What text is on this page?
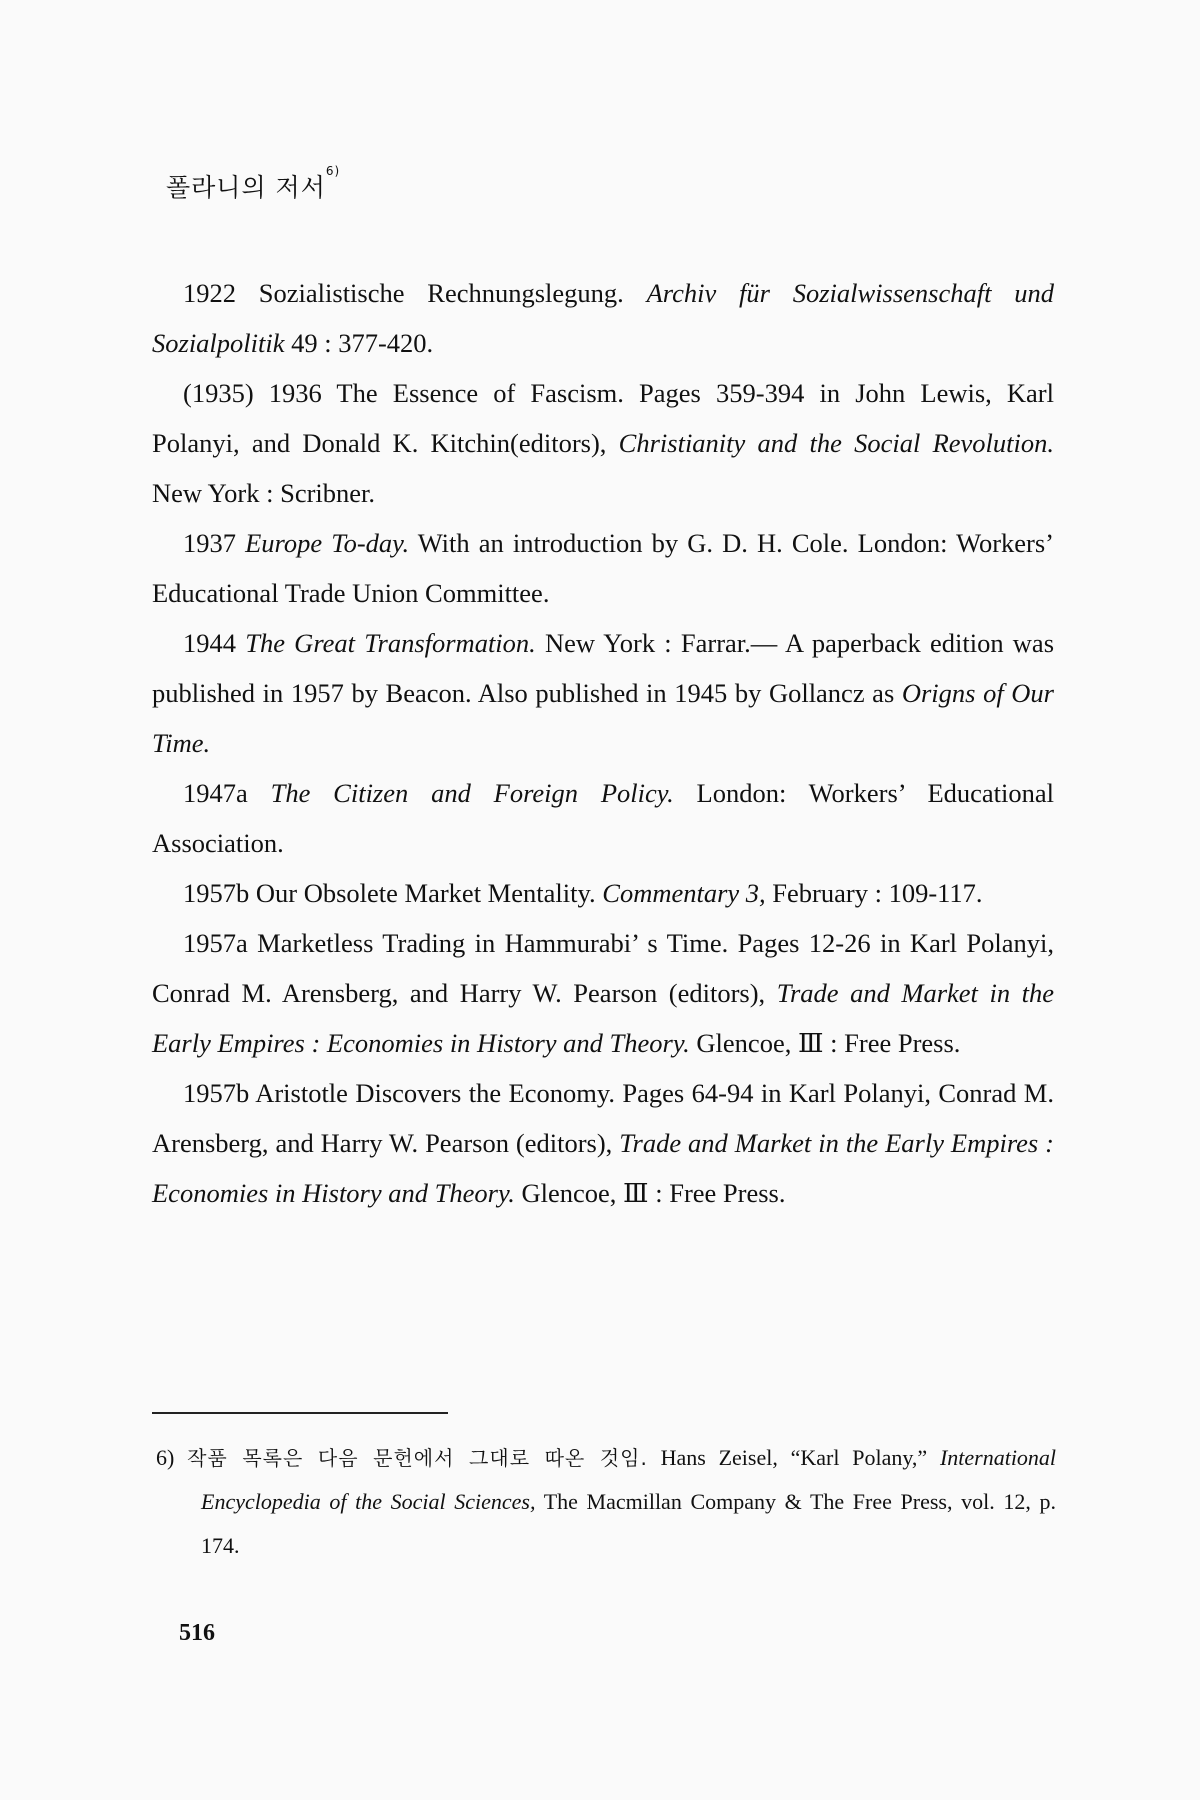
폴라니의 저서$^{6)}$

1922 Sozialistische Rechnungslegung. Archiv für Sozialwissenschaft und Sozialpolitik 49 : 377-420.

(1935) 1936 The Essence of Fascism. Pages 359-394 in John Lewis, Karl Polanyi, and Donald K. Kitchin(editors), Christianity and the Social Revolution. New York : Scribner.

1937 Europe To-day. With an introduction by G. D. H. Cole. London: Workers’ Educational Trade Union Committee.

1944 The Great Transformation. New York : Farrar.— A paperback edition was published in 1957 by Beacon. Also published in 1945 by Gollancz as Origns of Our Time.

1947a The Citizen and Foreign Policy. London: Workers’ Educational Association.

1957b Our Obsolete Market Mentality. Commentary 3, February : 109-117.

1957a Marketless Trading in Hammurabi’ s Time. Pages 12-26 in Karl Polanyi, Conrad M. Arensberg, and Harry W. Pearson (editors), Trade and Market in the Early Empires : Economies in History and Theory. Glencoe, Ⅲ : Free Press.

1957b Aristotle Discovers the Economy. Pages 64-94 in Karl Polanyi, Conrad M. Arensberg, and Harry W. Pearson (editors), Trade and Market in the Early Empires : Economies in History and Theory. Glencoe, Ⅲ : Free Press.

6) 작품 목록은 다음 문헌에서 그대로 따온 것임. Hans Zeisel, “Karl Polany,” International Encyclopedia of the Social Sciences, The Macmillan Company & The Free Press, vol. 12, p. 174.

516
